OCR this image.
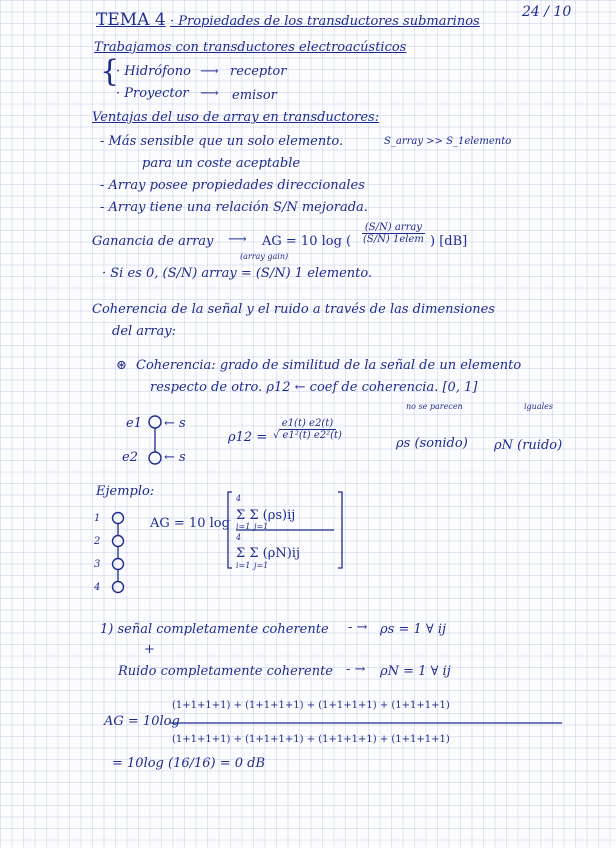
24 / 10
TEMA 4 · Propiedades de los transductores submarinos
Trabajamos con transductores electroacústicos
{
· Hidrófono ⟶ receptor
· Proyector ⟶ emisor
Ventajas del uso de array en transductores:
- Más sensible que un solo elemento.	S_array >> S_1elemento
para un coste aceptable
- Array posee propiedades direccionales
- Array tiene una relación S/N mejorada.
Ganancia de array ⟶
(array gain)
AG = 10 log ( $\frac{\text{(S/N) array}}{\text{(S/N) 1elem}}$ ) [dB]
· Si es 0, (S/N) array = (S/N) 1 elemento.
Coherencia de la señal y el ruido a través de las dimensiones
del array:
⊛ Coherencia: grado de similitud de la señal de un elemento
respecto de otro. ρ12 ← coef de coherencia. [0, 1]
no se parecen	iguales
e1
e2
← s
← s
$\rho 12 = \frac{e1(t) e2(t)}{\text{√ e1²(t) e2²(t)}}$
ρs (sonido) ρN (ruido)
Ejemplo:
1
2
3
4
AG = 10 log
4
Σ Σ (ρs)ij
i=1 j=1
4
Σ Σ (ρN)ij
i=1 j=1
1) señal completamente coherente - → ρs = 1 ∀ ij
+
Ruido completamente coherente - → ρN = 1 ∀ ij
AG = 10log
(1+1+1+1) + (1+1+1+1) + (1+1+1+1) + (1+1+1+1)
(1+1+1+1) + (1+1+1+1) + (1+1+1+1) + (1+1+1+1)
= 10log (16/16) = 0 dB
